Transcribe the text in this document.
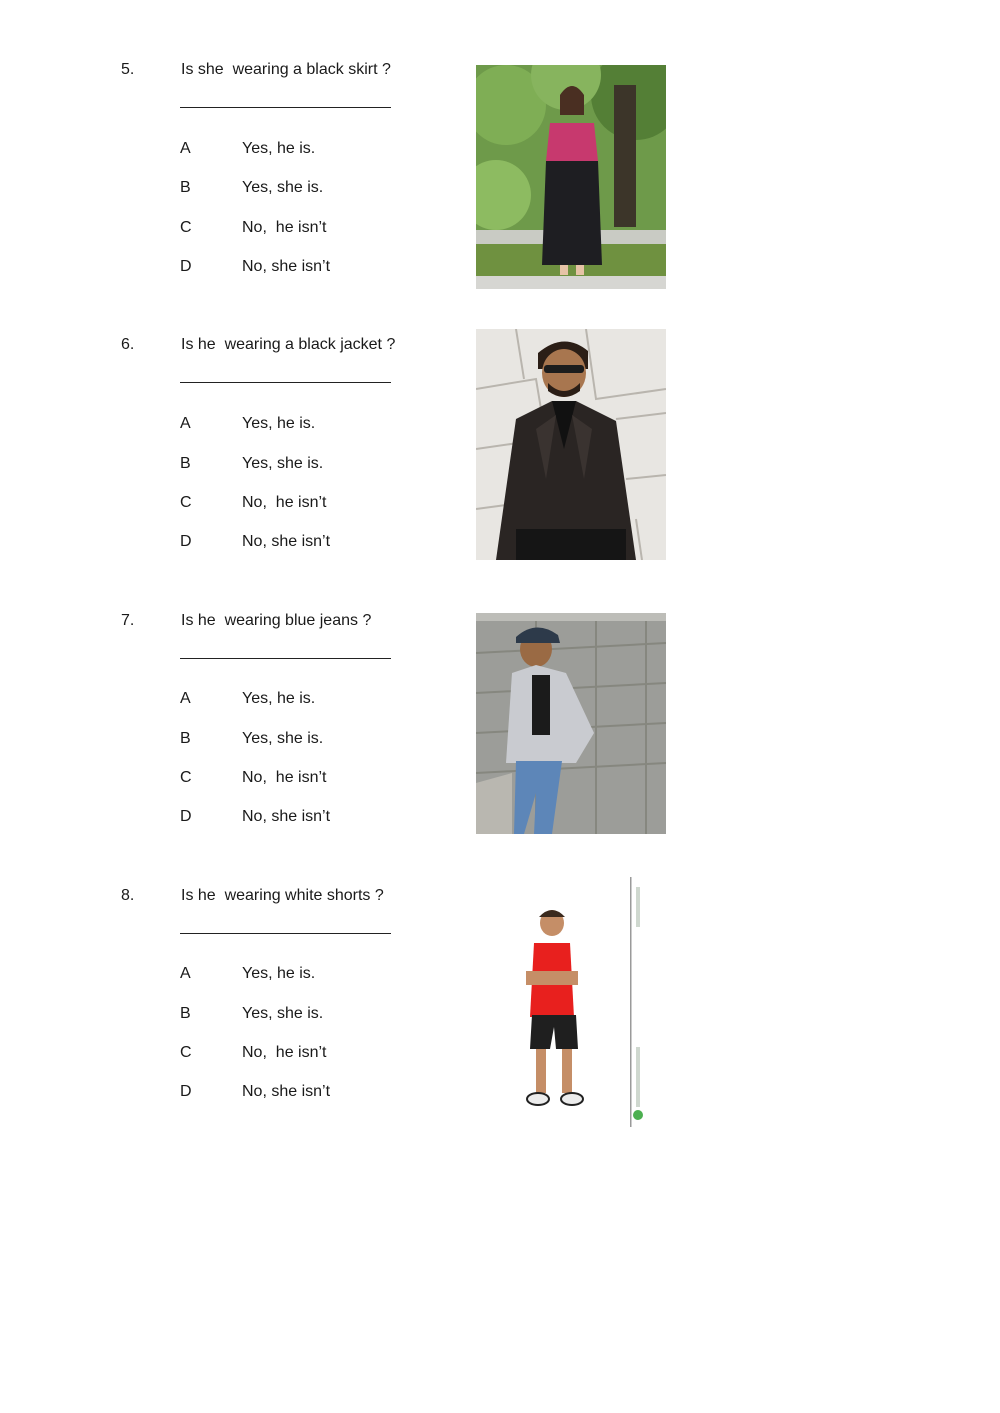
5.	Is she  wearing a black skirt ?
A	Yes, he is.
B	Yes, she is.
C	No,  he isn’t
D	No, she isn’t
6.	Is he  wearing a black jacket ?
A	Yes, he is.
B	Yes, she is.
C	No,  he isn’t
D	No, she isn’t
7.	Is he  wearing blue jeans ?
A	Yes, he is.
B	Yes, she is.
C	No,  he isn’t
D	No, she isn’t
8.	Is he  wearing white shorts ?
A	Yes, he is.
B	Yes, she is.
C	No,  he isn’t
D	No, she isn’t
